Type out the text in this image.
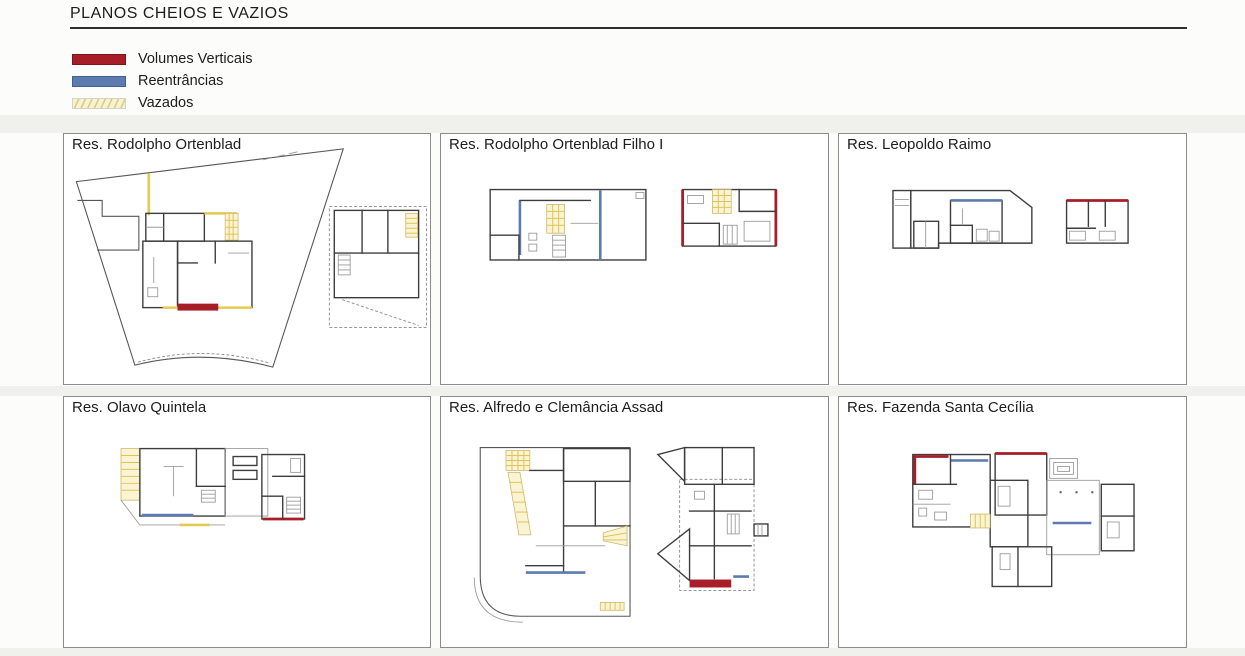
PLANOS CHEIOS E VAZIOS
Volumes Verticais
Reentrâncias
Vazados
Res. Rodolpho Ortenblad	Res. Rodolpho Ortenblad Filho I	Res. Leopoldo Raimo
Res. Olavo Quintela	Res. Alfredo e Clemância Assad	Res. Fazenda Santa Cecília
